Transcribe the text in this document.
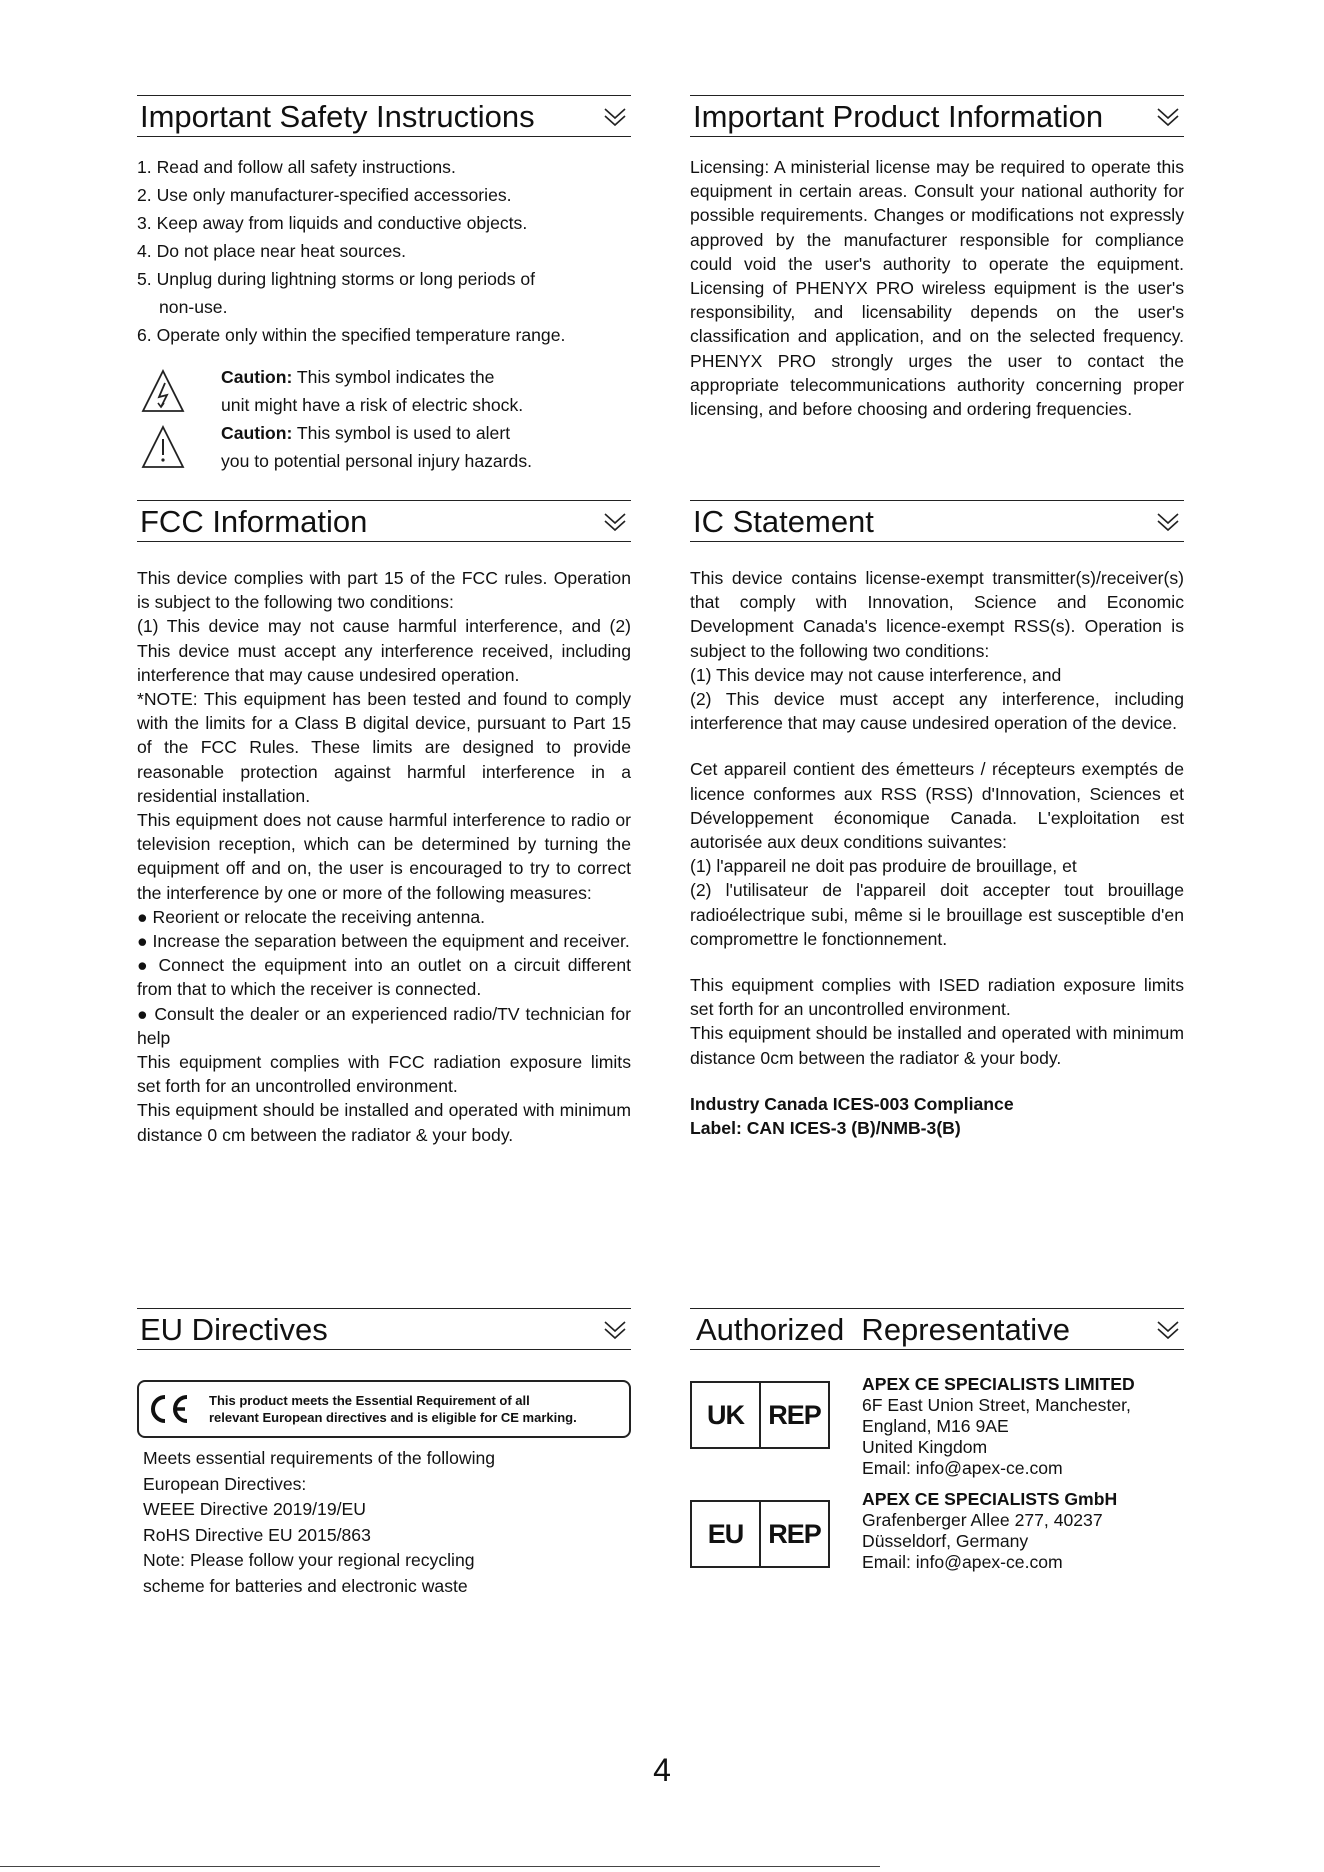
Important Safety Instructions
1. Read and follow all safety instructions.
2. Use only manufacturer-specified accessories.
3. Keep away from liquids and conductive objects.
4. Do not place near heat sources.
5. Unplug during lightning storms or long periods of
non-use.
6. Operate only within the specified temperature range.
Caution: This symbol indicates the
unit might have a risk of electric shock.
Caution: This symbol is used to alert
you to potential personal injury hazards.
Important Product Information

Licensing: A ministerial license may be required to operate this equipment in certain areas. Consult your national authority for possible requirements. Changes or modifications not expressly approved by the manufacturer responsible for compliance could void the user's authority to operate the equipment. Licensing of PHENYX PRO wireless equipment is the user's responsibility, and licensability depends on the user's classification and application, and on the selected frequency. PHENYX PRO strongly urges the user to contact the appropriate telecommunications authority concerning proper licensing, and before choosing and ordering frequencies.

FCC Information

This device complies with part 15 of the FCC rules. Operation is subject to the following two conditions:

(1) This device may not cause harmful interference, and (2) This device must accept any interference received, including interference that may cause undesired operation.

*NOTE: This equipment has been tested and found to comply with the limits for a Class B digital device, pursuant to Part 15 of the FCC Rules. These limits are designed to provide reasonable protection against harmful interference in a residential installation.

This equipment does not cause harmful interference to radio or television reception, which can be determined by turning the equipment off and on, the user is encouraged to try to correct the interference by one or more of the following measures:

● Reorient or relocate the receiving antenna.

● Increase the separation between the equipment and receiver.

● Connect the equipment into an outlet on a circuit different from that to which the receiver is connected.

● Consult the dealer or an experienced radio/TV technician for help

This equipment complies with FCC radiation exposure limits set forth for an uncontrolled environment.

This equipment should be installed and operated with minimum distance 0 cm between the radiator & your body.

IC Statement

This device contains license-exempt transmitter(s)/receiver(s) that comply with Innovation, Science and Economic Development Canada's licence-exempt RSS(s). Operation is subject to the following two conditions:

(1) This device may not cause interference, and

(2) This device must accept any interference, including interference that may cause undesired operation of the device.

Cet appareil contient des émetteurs / récepteurs exemptés de licence conformes aux RSS (RSS) d'Innovation, Sciences et Développement économique Canada. L'exploitation est autorisée aux deux conditions suivantes:

(1) l'appareil ne doit pas produire de brouillage, et

(2) l'utilisateur de l'appareil doit accepter tout brouillage radioélectrique subi, même si le brouillage est susceptible d'en compromettre le fonctionnement.

This equipment complies with ISED radiation exposure limits set forth for an uncontrolled environment.

This equipment should be installed and operated with minimum distance 0cm between the radiator & your body.

Industry Canada ICES-003 Compliance

Label: CAN ICES-3 (B)/NMB-3(B)

EU Directives
This product meets the Essential Requirement of all
relevant European directives and is eligible for CE marking.
Meets essential requirements of the following
European Directives:
WEEE Directive 2019/19/EU
RoHS Directive EU 2015/863
Note: Please follow your regional recycling
scheme for batteries and electronic waste
Authorized  Representative
UK REP
APEX CE SPECIALISTS LIMITED
6F East Union Street, Manchester,
England, M16 9AE
United Kingdom
Email: info@apex-ce.com
EU REP
APEX CE SPECIALISTS GmbH
Grafenberger Allee 277, 40237
Düsseldorf, Germany
Email: info@apex-ce.com
4
